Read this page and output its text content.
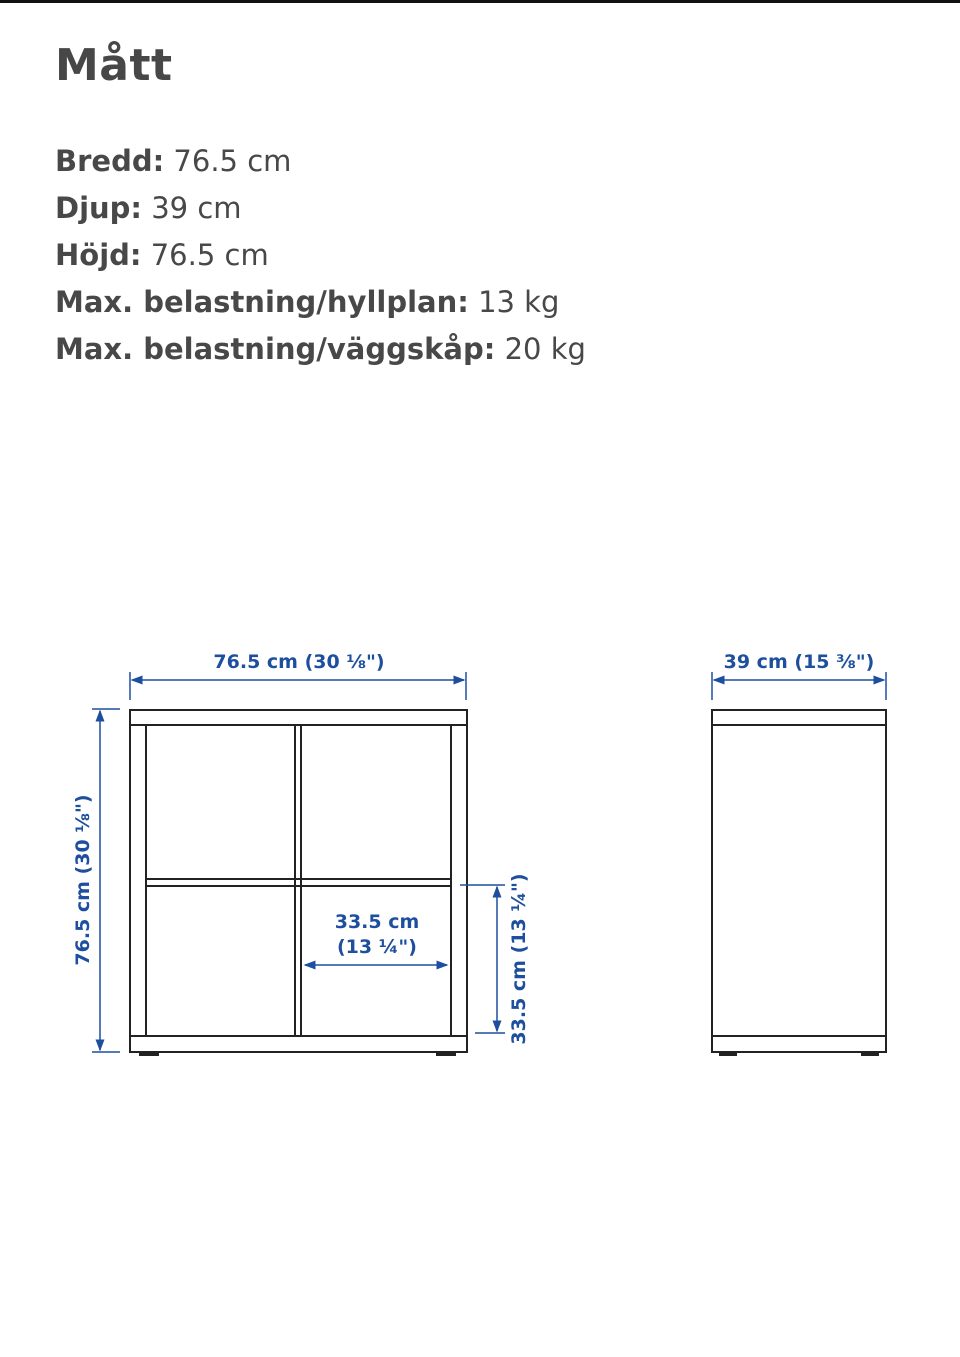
Mått
Bredd: 76.5 cm
Djup: 39 cm
Höjd: 76.5 cm
Max. belastning/hyllplan: 13 kg
Max. belastning/väggskåp: 20 kg
76.5 cm (30 ⅛")
76.5 cm (30 ⅛")	33.5 cm
(13 ¼")	33.5 cm (13 ¼")
39 cm (15 ⅜")
